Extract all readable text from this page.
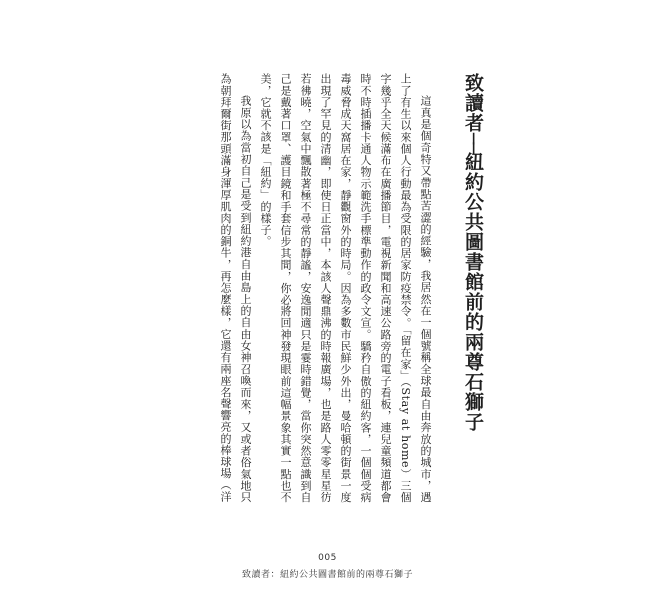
致讀者──紐約公共圖書館前的兩尊石獅子

這真是個奇特又帶點苦澀的經驗，我居然在一個號稱全球最自由奔放的城市，遇上了有生以來個人行動最為受限的居家防疫禁令。「留在家」（Stay at home）三個字幾乎全天候滿布在廣播節目，電視新聞和高速公路旁的電子看板，連兒童頻道都會時不時插播卡通人物示範洗手標準動作的政令文宣。驕矜自傲的紐約客，一個個受病毒威脅成天窩居在家，靜觀窗外的時局。因為多數市民鮮少外出，曼哈頓的街景一度出現了罕見的清幽，即使日正當中，本該人聲鼎沸的時報廣場，也是路人零零星星彷若彿曉，空氣中飄散著極不尋常的靜謐，安逸閒適只是霎時錯覺，當你突然意識到自己是戴著口罩、護目鏡和手套信步其間，你必將回神發現眼前這幅景象其實一點也不美，它就不該是「紐約」的樣子。

我原以為當初自己是受到紐約港自由島上的自由女神召喚而來，又或者俗氣地只為朝拜爾街那頭滿身渾厚肌肉的銅牛，再怎麼樣，它還有兩座名聲響亮的棒球場（洋

005
致讀者：紐約公共圖書館前的兩尊石獅子
